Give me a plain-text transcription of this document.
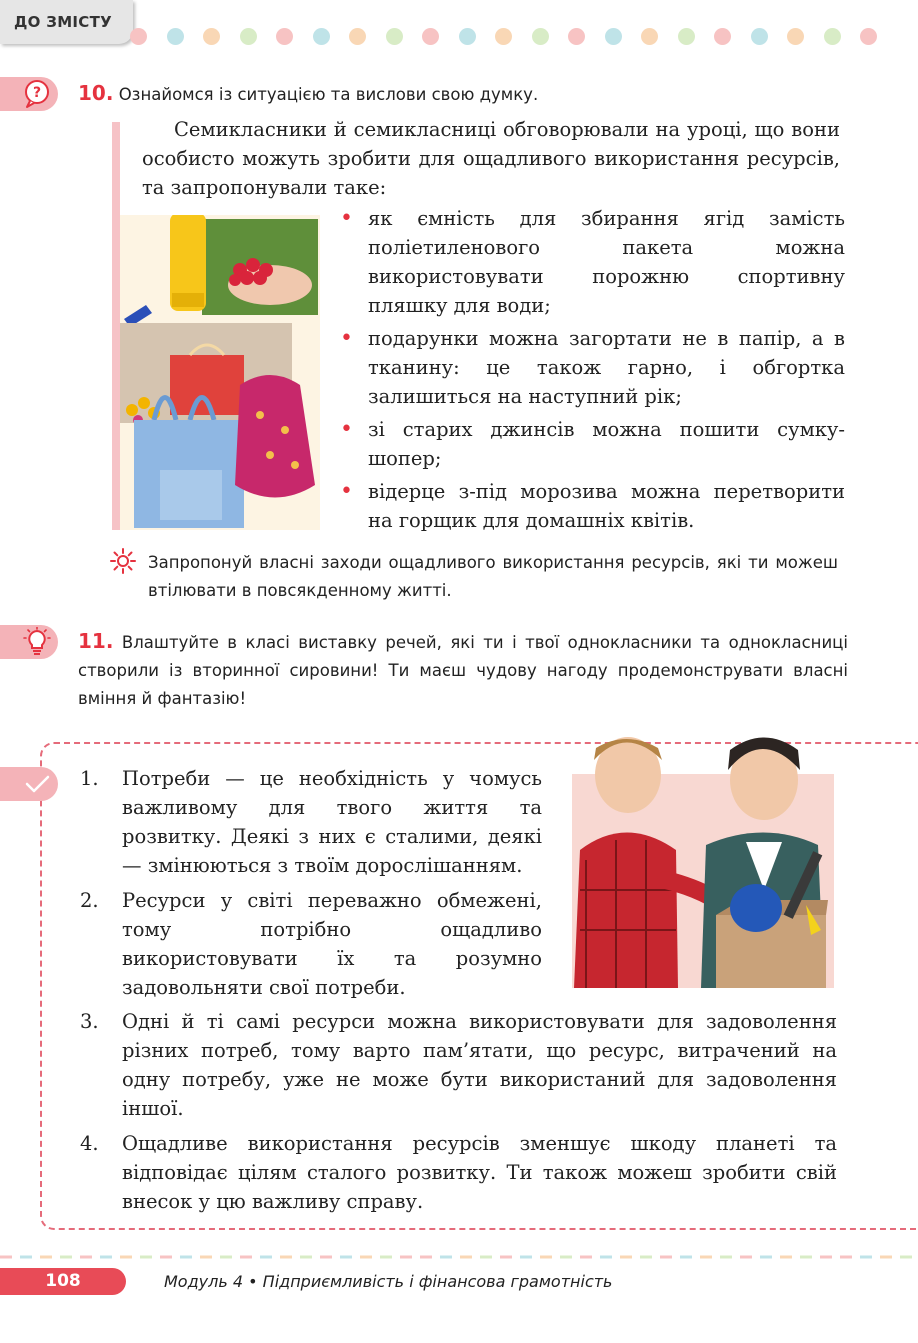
ДО ЗМІСТУ
? 10. Ознайомся із ситуацією та вислови свою думку.
Семикласники й семикласниці обговорювали на уроці, що вони особисто можуть зробити для ощадливого використання ресурсів, та запропонували таке:
• як ємність для збирання ягід замість поліетиленового пакета можна використовувати порожню спортивну пляшку для води;
• подарунки можна загортати не в папір, а в тканину: це також гарно, і обгортка залишиться на наступний рік;
• зі старих джинсів можна пошити сумку-шопер;
• відерце з-під морозива можна перетворити на горщик для домашніх квітів.
Запропонуй власні заходи ощадливого використання ресурсів, які ти можеш втілювати в повсякденному житті.
11. Влаштуйте в класі виставку речей, які ти і твої однокласники та однокласниці створили із вторинної сировини! Ти маєш чудову нагоду продемонструвати власні вміння й фантазію!
1. Потреби — це необхідність у чомусь важливому для твого життя та розвитку. Деякі з них є сталими, деякі — змінюються з твоїм дорослішанням.
2. Ресурси у світі переважно обмежені, тому потрібно ощадливо використовувати їх та розумно задовольняти свої потреби.
3. Одні й ті самі ресурси можна використовувати для задоволення різних потреб, тому варто пам’ятати, що ресурс, витрачений на одну потребу, уже не може бути використаний для задоволення іншої.
4. Ощадливе використання ресурсів зменшує шкоду планеті та відповідає цілям сталого розвитку. Ти також можеш зробити свій внесок у цю важливу справу.
108	Модуль 4 • Підприємливість і фінансова грамотність
